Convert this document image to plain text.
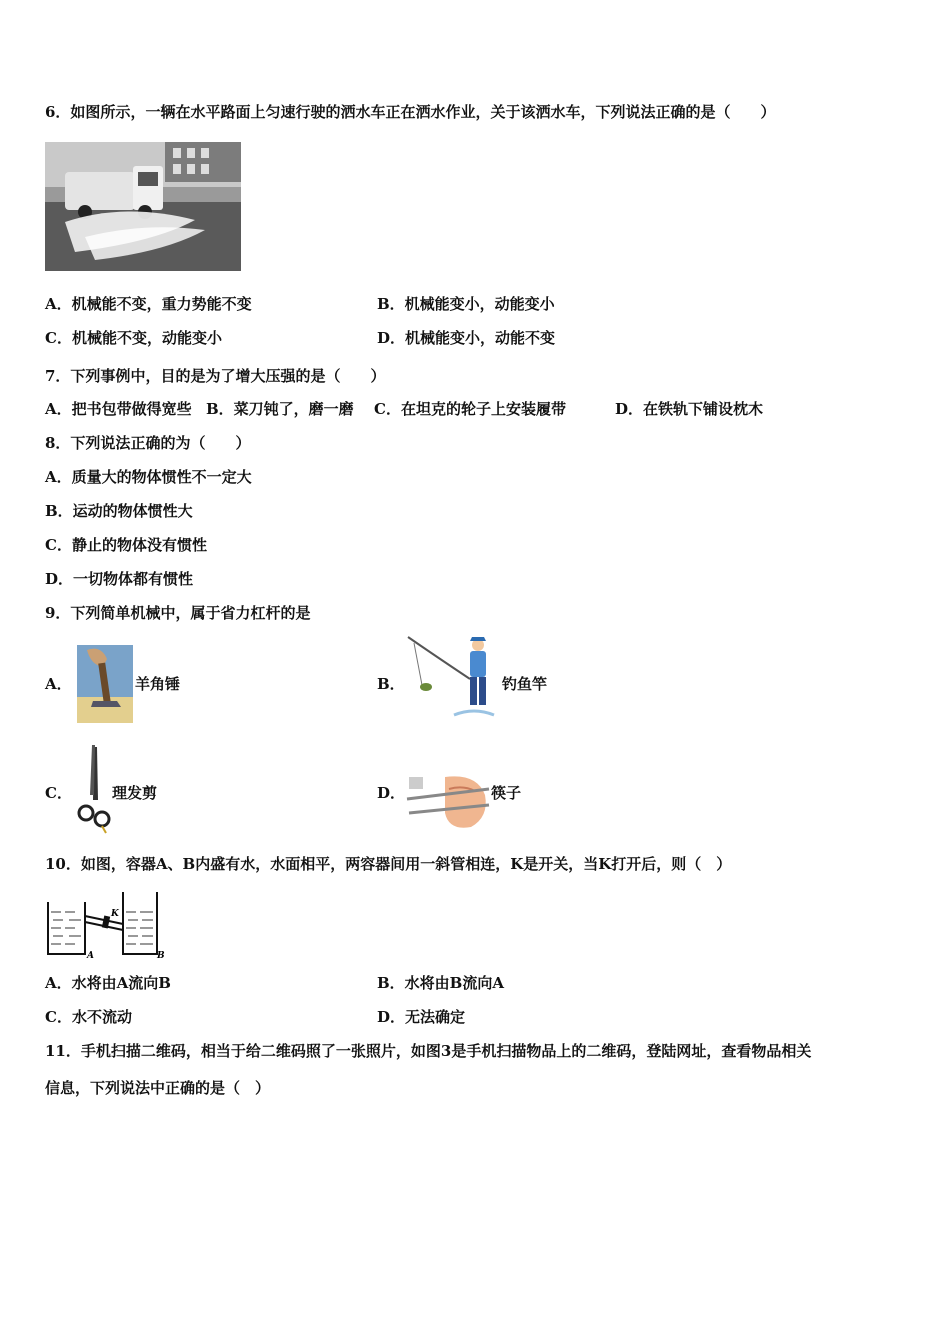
6．如图所示，一辆在水平路面上匀速行驶的洒水车正在洒水作业，关于该洒水车，下列说法正确的是（　　）
A．机械能不变，重力势能不变	B．机械能变小，动能变小
C．机械能不变，动能变小	D．机械能变小，动能不变
7．下列事例中，目的是为了增大压强的是（　　）
A．把书包带做得宽些 B．菜刀钝了，磨一磨 C．在坦克的轮子上安装履带	D．在铁轨下铺设枕木
8．下列说法正确的为（　　）
A．质量大的物体惯性不一定大
B．运动的物体惯性大
C．静止的物体没有惯性
D．一切物体都有惯性
9．下列简单机械中，属于省力杠杆的是
A．	羊角锤	B．	钓鱼竿
C．	理发剪	D．	筷子
10．如图，容器A、B内盛有水，水面相平，两容器间用一斜管相连，K是开关，当K打开后，则（　）
K
A	B
A．水将由A流向B	B．水将由B流向A
C．水不流动	D．无法确定
11．手机扫描二维码，相当于给二维码照了一张照片，如图3是手机扫描物品上的二维码，登陆网址，查看物品相关
信息，下列说法中正确的是（　）
